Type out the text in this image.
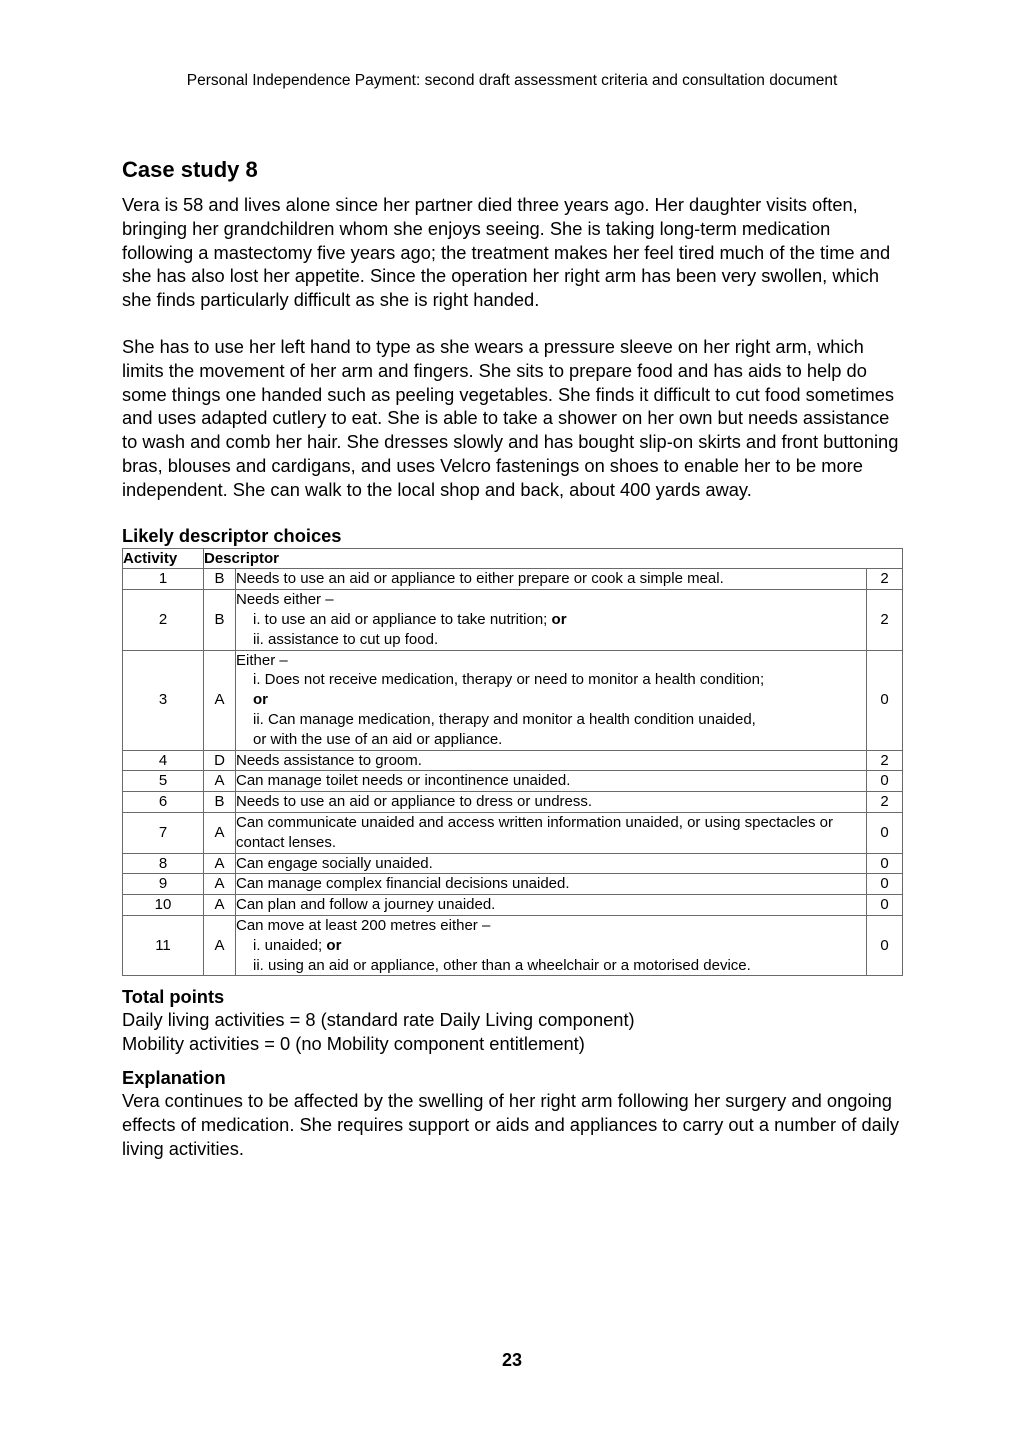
Personal Independence Payment: second draft assessment criteria and consultation document
Case study 8

Vera is 58 and lives alone since her partner died three years ago. Her daughter visits often, bringing her grandchildren whom she enjoys seeing. She is taking long-term medication following a mastectomy five years ago; the treatment makes her feel tired much of the time and she has also lost her appetite. Since the operation her right arm has been very swollen, which she finds particularly difficult as she is right handed.

She has to use her left hand to type as she wears a pressure sleeve on her right arm, which limits the movement of her arm and fingers. She sits to prepare food and has aids to help do some things one handed such as peeling vegetables. She finds it difficult to cut food sometimes and uses adapted cutlery to eat. She is able to take a shower on her own but needs assistance to wash and comb her hair. She dresses slowly and has bought slip-on skirts and front buttoning bras, blouses and cardigans, and uses Velcro fastenings on shoes to enable her to be more independent. She can walk to the local shop and back, about 400 yards away.

Likely descriptor choices
Activity	Descriptor		
1	B	Needs to use an aid or appliance to either prepare or cook a simple meal.	2
2	B	Needs either –
i. to use an aid or appliance to take nutrition; or
ii. assistance to cut up food.	2
3	A	Either –
i. Does not receive medication, therapy or need to monitor a health condition;
or
ii. Can manage medication, therapy and monitor a health condition unaided,
or with the use of an aid or appliance.	0
4	D	Needs assistance to groom.	2
5	A	Can manage toilet needs or incontinence unaided.	0
6	B	Needs to use an aid or appliance to dress or undress.	2
7	A	Can communicate unaided and access written information unaided, or using spectacles or contact lenses.	0
8	A	Can engage socially unaided.	0
9	A	Can manage complex financial decisions unaided.	0
10	A	Can plan and follow a journey unaided.	0
11	A	Can move at least 200 metres either –
i. unaided; or
ii. using an aid or appliance, other than a wheelchair or a motorised device.	0
Total points
Daily living activities = 8 (standard rate Daily Living component)
Mobility activities = 0 (no Mobility component entitlement)
Explanation
Vera continues to be affected by the swelling of her right arm following her surgery and ongoing effects of medication. She requires support or aids and appliances to carry out a number of daily living activities.
23
